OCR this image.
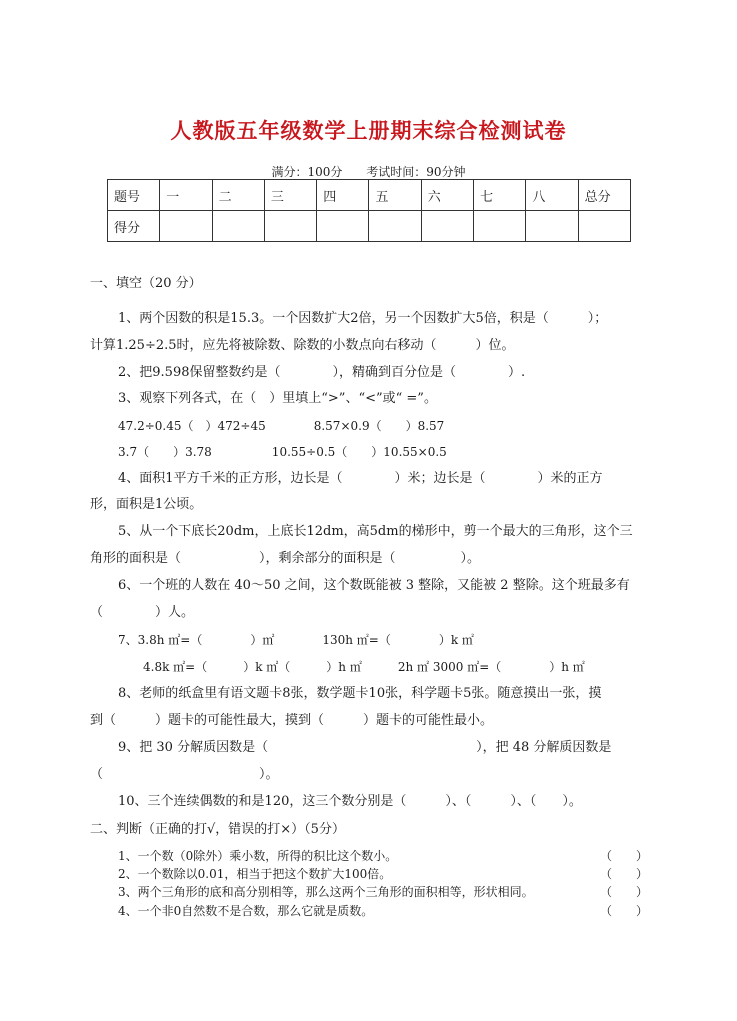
人教版五年级数学上册期末综合检测试卷
满分：100分 考试时间：90分钟
题号	一	二	三	四	五	六	七	八	总分
得分									
一、填空（20 分）
1、两个因数的积是15.3。一个因数扩大2倍，另一个因数扩大5倍，积是（　　　）；
计算1.25÷2.5时，应先将被除数、除数的小数点向右移动（　　　）位。
2、把9.598保留整数约是（　　　　），精确到百分位是（　　　　）.
3、观察下列各式，在（　）里填上“>”、“<”或“ =”。
47.2÷0.45（　）472÷45　　　　8.57×0.9（　　）8.57
3.7̇（　　）3.78　　　　　10.55÷0.5（　　）10.55×0.5
4、面积1平方千米的正方形，边长是（　　　　）米；边长是（　　　　）米的正方
形，面积是1公顷。
5、从一个下底长20dm，上底长12dm，高5dm的梯形中，剪一个最大的三角形，这个三
角形的面积是（　　　　　　），剩余部分的面积是（　　　　　）。
6、一个班的人数在 40～50 之间，这个数既能被 3 整除，又能被 2 整除。这个班最多有
（　　　　）人。
7、3.8h ㎡=（　　　　）㎡　　　　130h ㎡=（　　　　）k ㎡
4.8k ㎡=（　　　）k ㎡（　　　）h ㎡　　　2h ㎡ 3000 ㎡=（　　　　）h ㎡
8、老师的纸盒里有语文题卡8张，数学题卡10张，科学题卡5张。随意摸出一张，摸
到（　　　）题卡的可能性最大，摸到（　　　）题卡的可能性最小。
9、把 30 分解质因数是（　　　　　　　　　　　　　　　　），把 48 分解质因数是
（　　　　　　　　　　　　）。
10、三个连续偶数的和是120，这三个数分别是（　　　）、（　　　）、（　　）。
二、判断（正确的打√，错误的打×）（5分）
1、一个数（0除外）乘小数，所得的积比这个数小。	（　　）
2、一个数除以0.01，相当于把这个数扩大100倍。	（　　）
3、两个三角形的底和高分别相等，那么这两个三角形的面积相等，形状相同。	（　　）
4、一个非0自然数不是合数，那么它就是质数。	（　　）
